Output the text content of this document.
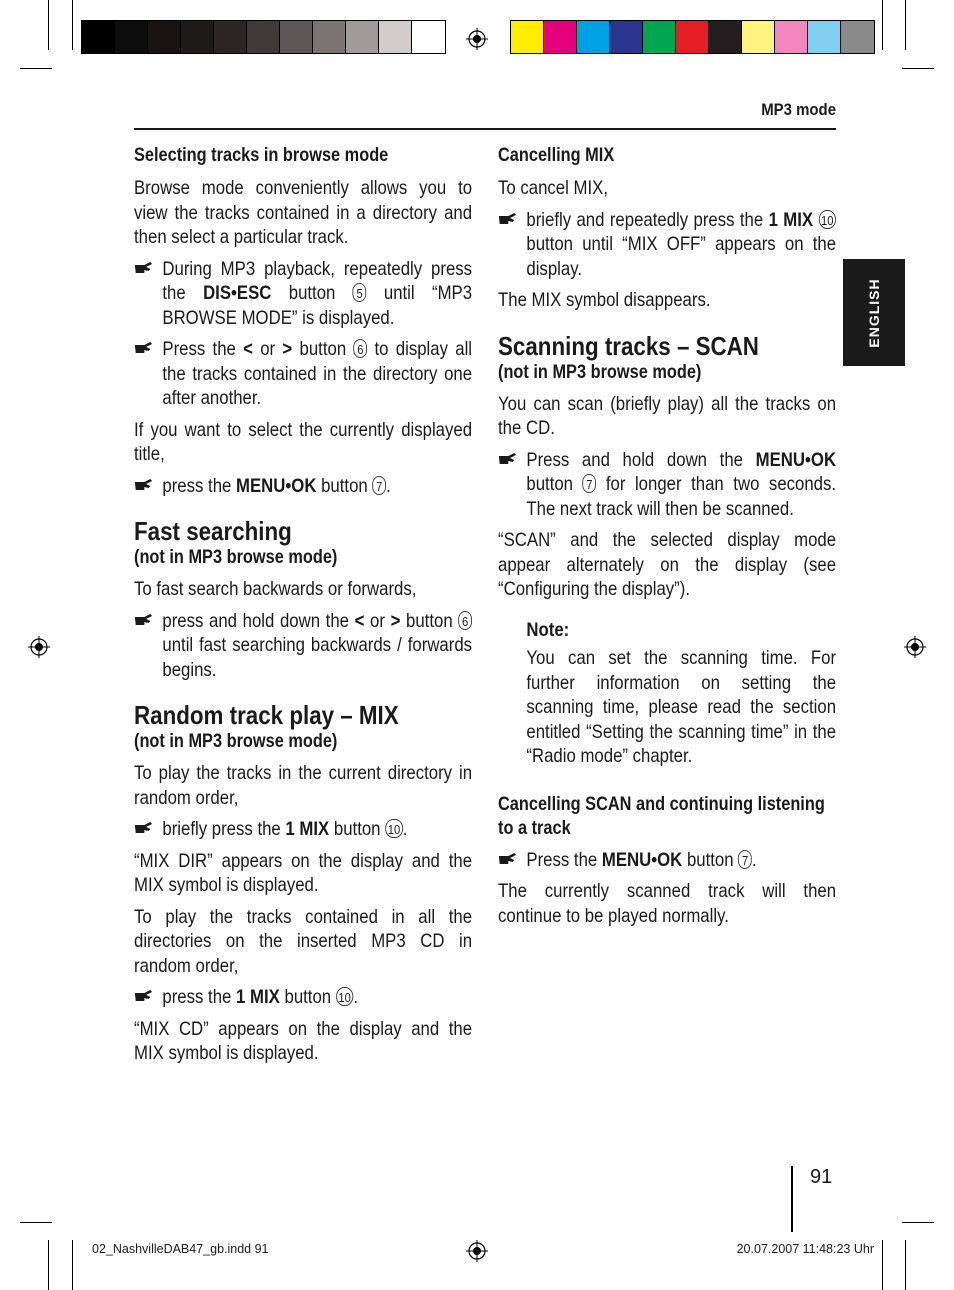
MP3 mode
ENGLISH
Selecting tracks in browse mode

Browse mode conveniently allows you to view the tracks contained in a directory and then select a particular track.

During MP3 playback, repeatedly press the DIS•ESC button 5 until “MP3 BROWSE MODE” is displayed.
Press the < or > button 6 to display all the tracks contained in the directory one after another.

If you want to select the currently displayed title,

press the MENU•OK button 7 .
Fast searching
(not in MP3 browse mode)

To fast search backwards or forwards,

press and hold down the < or > button 6 until fast searching backwards / forwards begins.
Random track play – MIX
(not in MP3 browse mode)

To play the tracks in the current directory in random order,

briefly press the 1 MIX button 10 .

“MIX DIR” appears on the display and the MIX symbol is displayed.

To play the tracks contained in all the directories on the inserted MP3 CD in random order,

press the 1 MIX button 10 .

“MIX CD” appears on the display and the MIX symbol is displayed.

Cancelling MIX

To cancel MIX,

briefly and repeatedly press the 1 MIX 10 button until “MIX OFF” appears on the display.

The MIX symbol disappears.

Scanning tracks – SCAN
(not in MP3 browse mode)

You can scan (briefly play) all the tracks on the CD.

Press and hold down the MENU•OK button 7 for longer than two seconds. The next track will then be scanned.

“SCAN” and the selected display mode appear alternately on the display (see “Configuring the display”).

Note:

You can set the scanning time. For further information on setting the scanning time, please read the section entitled “Setting the scanning time” in the “Radio mode” chapter.

Cancelling SCAN and continuing listening to a track
Press the MENU•OK button 7 .

The currently scanned track will then continue to be played normally.

91
02_NashvilleDAB47_gb.indd 91	20.07.2007 11:48:23 Uhr
